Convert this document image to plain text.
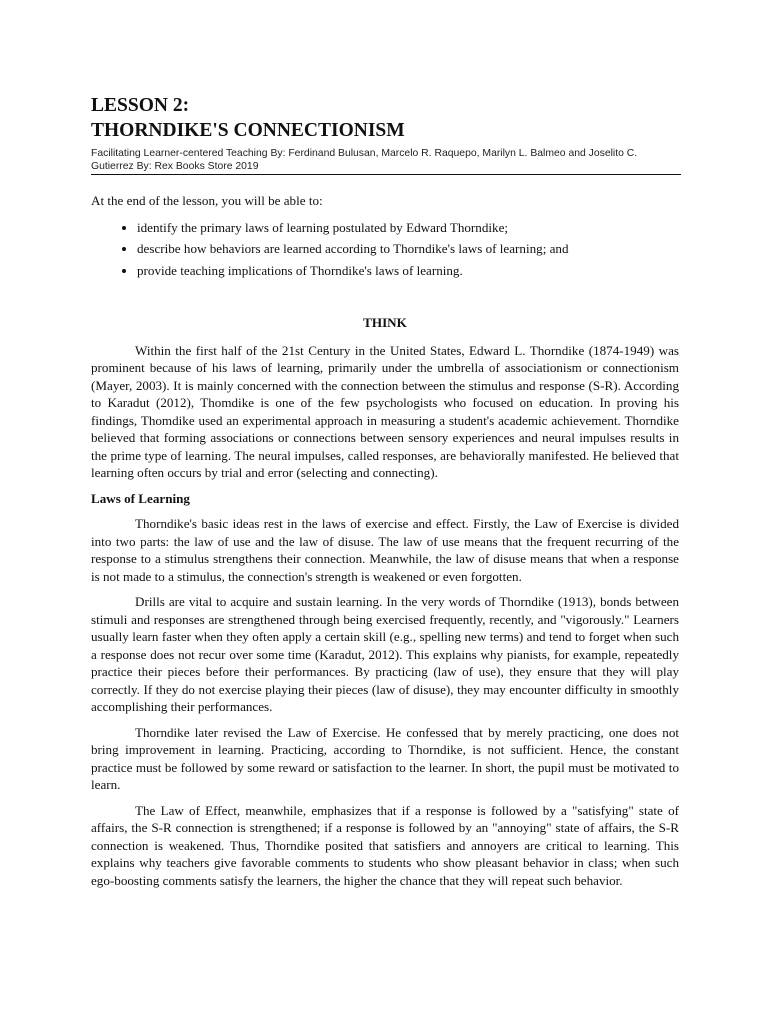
LESSON 2:
THORNDIKE'S CONNECTIONISM
Facilitating Learner-centered Teaching By: Ferdinand Bulusan, Marcelo R. Raquepo, Marilyn L. Balmeo and Joselito C. Gutierrez By: Rex Books Store 2019

At the end of the lesson, you will be able to:

• identify the primary laws of learning postulated by Edward Thorndike;
• describe how behaviors are learned according to Thorndike's laws of learning; and
• provide teaching implications of Thorndike's laws of learning.
THINK

Within the first half of the 21st Century in the United States, Edward L. Thorndike (1874-1949) was prominent because of his laws of learning, primarily under the umbrella of associationism or connectionism (Mayer, 2003). It is mainly concerned with the connection between the stimulus and response (S-R). According to Karadut (2012), Thomdike is one of the few psychologists who focused on education. In proving his findings, Thomdike used an experimental approach in measuring a student's academic achievement. Thorndike believed that forming associations or connections between sensory experiences and neural impulses results in the prime type of learning. The neural impulses, called responses, are behaviorally manifested. He believed that learning often occurs by trial and error (selecting and connecting).

Laws of Learning

Thorndike's basic ideas rest in the laws of exercise and effect. Firstly, the Law of Exercise is divided into two parts: the law of use and the law of disuse. The law of use means that the frequent recurring of the response to a stimulus strengthens their connection. Meanwhile, the law of disuse means that when a response is not made to a stimulus, the connection's strength is weakened or even forgotten.

Drills are vital to acquire and sustain learning. In the very words of Thorndike (1913), bonds between stimuli and responses are strengthened through being exercised frequently, recently, and "vigorously." Learners usually learn faster when they often apply a certain skill (e.g., spelling new terms) and tend to forget when such a response does not recur over some time (Karadut, 2012). This explains why pianists, for example, repeatedly practice their pieces before their performances. By practicing (law of use), they ensure that they will play correctly. If they do not exercise playing their pieces (law of disuse), they may encounter difficulty in smoothly accomplishing their performances.

Thorndike later revised the Law of Exercise. He confessed that by merely practicing, one does not bring improvement in learning. Practicing, according to Thorndike, is not sufficient. Hence, the constant practice must be followed by some reward or satisfaction to the learner. In short, the pupil must be motivated to learn.

The Law of Effect, meanwhile, emphasizes that if a response is followed by a "satisfying" state of affairs, the S-R connection is strengthened; if a response is followed by an "annoying" state of affairs, the S-R connection is weakened. Thus, Thorndike posited that satisfiers and annoyers are critical to learning. This explains why teachers give favorable comments to students who show pleasant behavior in class; when such ego-boosting comments satisfy the learners, the higher the chance that they will repeat such behavior.
